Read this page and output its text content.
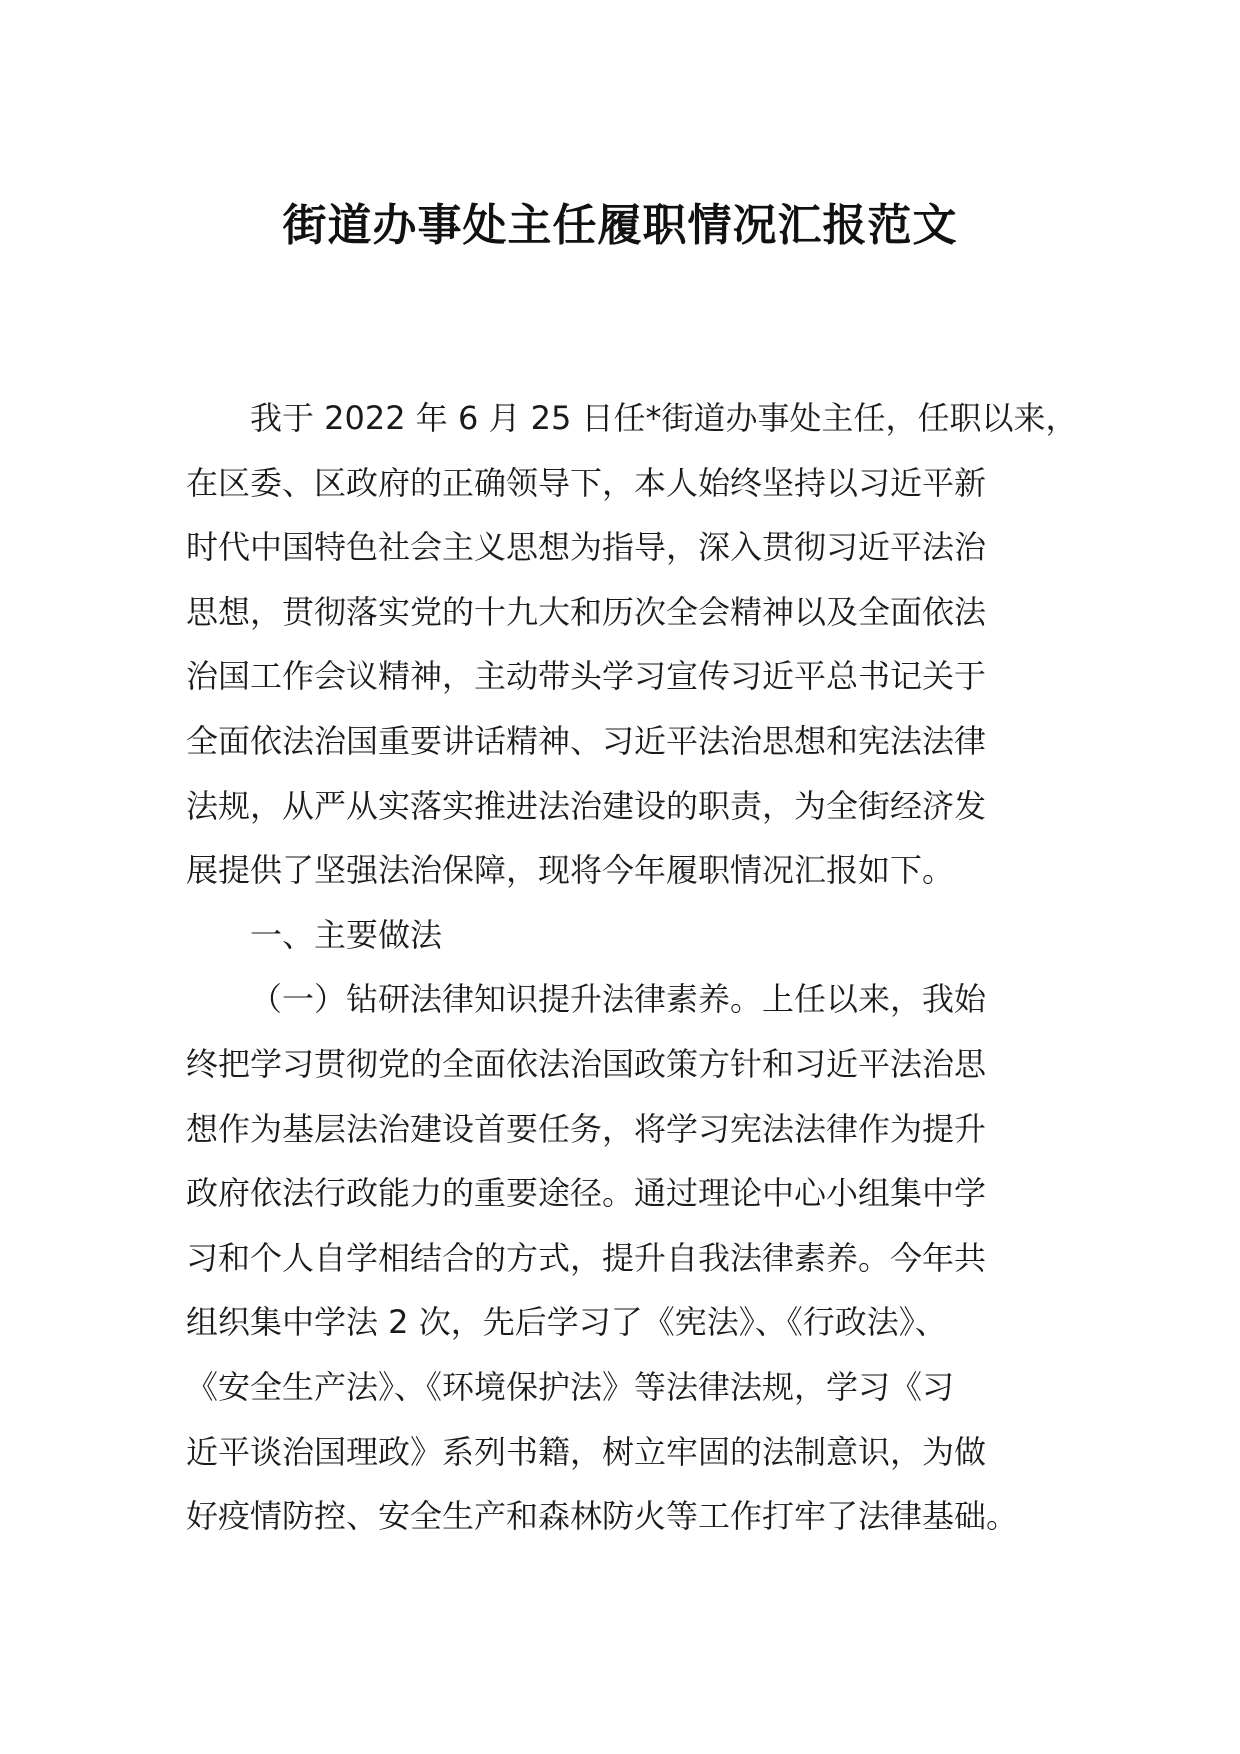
街道办事处主任履职情况汇报范文
我于 2022 年 6 月 25 日任*街道办事处主任，任职以来，
在区委、区政府的正确领导下，本人始终坚持以习近平新
时代中国特色社会主义思想为指导，深入贯彻习近平法治
思想，贯彻落实党的十九大和历次全会精神以及全面依法
治国工作会议精神，主动带头学习宣传习近平总书记关于
全面依法治国重要讲话精神、习近平法治思想和宪法法律
法规，从严从实落实推进法治建设的职责，为全街经济发
展提供了坚强法治保障，现将今年履职情况汇报如下。
一、主要做法
（一）钻研法律知识提升法律素养。上任以来，我始
终把学习贯彻党的全面依法治国政策方针和习近平法治思
想作为基层法治建设首要任务，将学习宪法法律作为提升
政府依法行政能力的重要途径。通过理论中心小组集中学
习和个人自学相结合的方式，提升自我法律素养。今年共
组织集中学法 2 次，先后学习了《宪法》、《行政法》、
《安全生产法》、《环境保护法》等法律法规，学习《习
近平谈治国理政》系列书籍，树立牢固的法制意识，为做
好疫情防控、安全生产和森林防火等工作打牢了法律基础。
